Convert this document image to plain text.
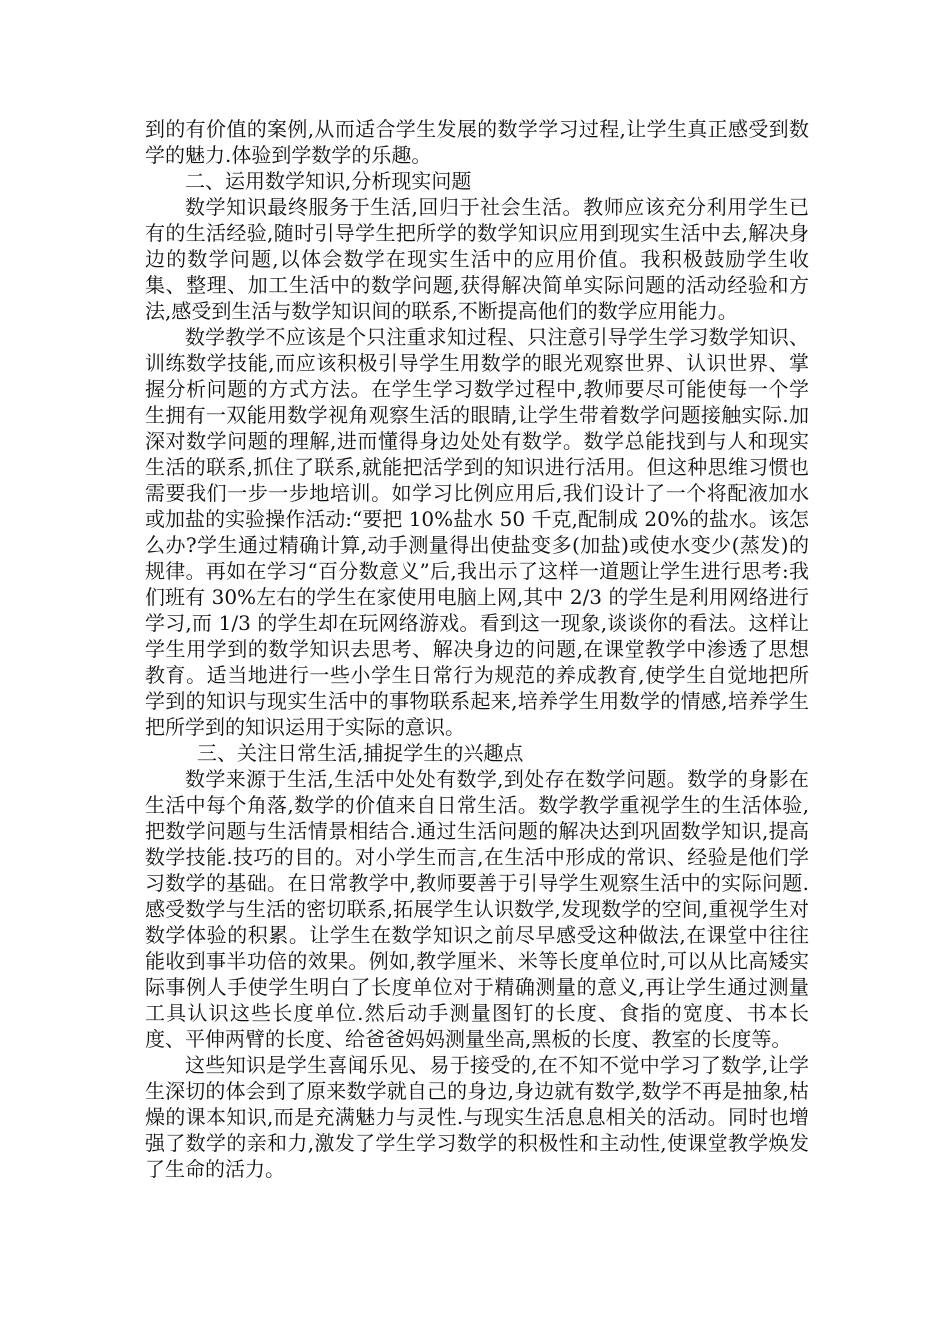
到的有价值的案例,从而适合学生发展的数学学习过程,让学生真正感受到数学的魅力.体验到学数学的乐趣。

二、运用数学知识,分析现实问题

数学知识最终服务于生活,回归于社会生活。教师应该充分利用学生已有的生活经验,随时引导学生把所学的数学知识应用到现实生活中去,解决身边的数学问题,以体会数学在现实生活中的应用价值。我积极鼓励学生收集、整理、加工生活中的数学问题,获得解决简单实际问题的活动经验和方法,感受到生活与数学知识间的联系,不断提高他们的数学应用能力。

数学教学不应该是个只注重求知过程、只注意引导学生学习数学知识、训练数学技能,而应该积极引导学生用数学的眼光观察世界、认识世界、掌握分析问题的方式方法。在学生学习数学过程中,教师要尽可能使每一个学生拥有一双能用数学视角观察生活的眼睛,让学生带着数学问题接触实际.加深对数学问题的理解,进而懂得身边处处有数学。数学总能找到与人和现实生活的联系,抓住了联系,就能把活学到的知识进行活用。但这种思维习惯也需要我们一步一步地培训。如学习比例应用后,我们设计了一个将配液加水或加盐的实验操作活动:“要把 10%盐水 50 千克,配制成 20%的盐水。该怎么办?学生通过精确计算,动手测量得出使盐变多(加盐)或使水变少(蒸发)的规律。再如在学习“百分数意义”后,我出示了这样一道题让学生进行思考:我们班有 30%左右的学生在家使用电脑上网,其中 2/3 的学生是利用网络进行学习,而 1/3 的学生却在玩网络游戏。看到这一现象,谈谈你的看法。这样让学生用学到的数学知识去思考、解决身边的问题,在课堂教学中渗透了思想教育。适当地进行一些小学生日常行为规范的养成教育,使学生自觉地把所学到的知识与现实生活中的事物联系起来,培养学生用数学的情感,培养学生把所学到的知识运用于实际的意识。

三、关注日常生活,捕捉学生的兴趣点

数学来源于生活,生活中处处有数学,到处存在数学问题。数学的身影在生活中每个角落,数学的价值来自日常生活。数学教学重视学生的生活体验,把数学问题与生活情景相结合.通过生活问题的解决达到巩固数学知识,提高数学技能.技巧的目的。对小学生而言,在生活中形成的常识、经验是他们学习数学的基础。在日常教学中,教师要善于引导学生观察生活中的实际问题.感受数学与生活的密切联系,拓展学生认识数学,发现数学的空间,重视学生对数学体验的积累。让学生在数学知识之前尽早感受这种做法,在课堂中往往能收到事半功倍的效果。例如,教学厘米、米等长度单位时,可以从比高矮实际事例人手使学生明白了长度单位对于精确测量的意义,再让学生通过测量工具认识这些长度单位.然后动手测量图钉的长度、食指的宽度、书本长度、平伸两臂的长度、给爸爸妈妈测量坐高,黑板的长度、教室的长度等。

这些知识是学生喜闻乐见、易于接受的,在不知不觉中学习了数学,让学生深切的体会到了原来数学就自己的身边,身边就有数学,数学不再是抽象,枯燥的课本知识,而是充满魅力与灵性.与现实生活息息相关的活动。同时也增强了数学的亲和力,激发了学生学习数学的积极性和主动性,使课堂教学焕发了生命的活力。
